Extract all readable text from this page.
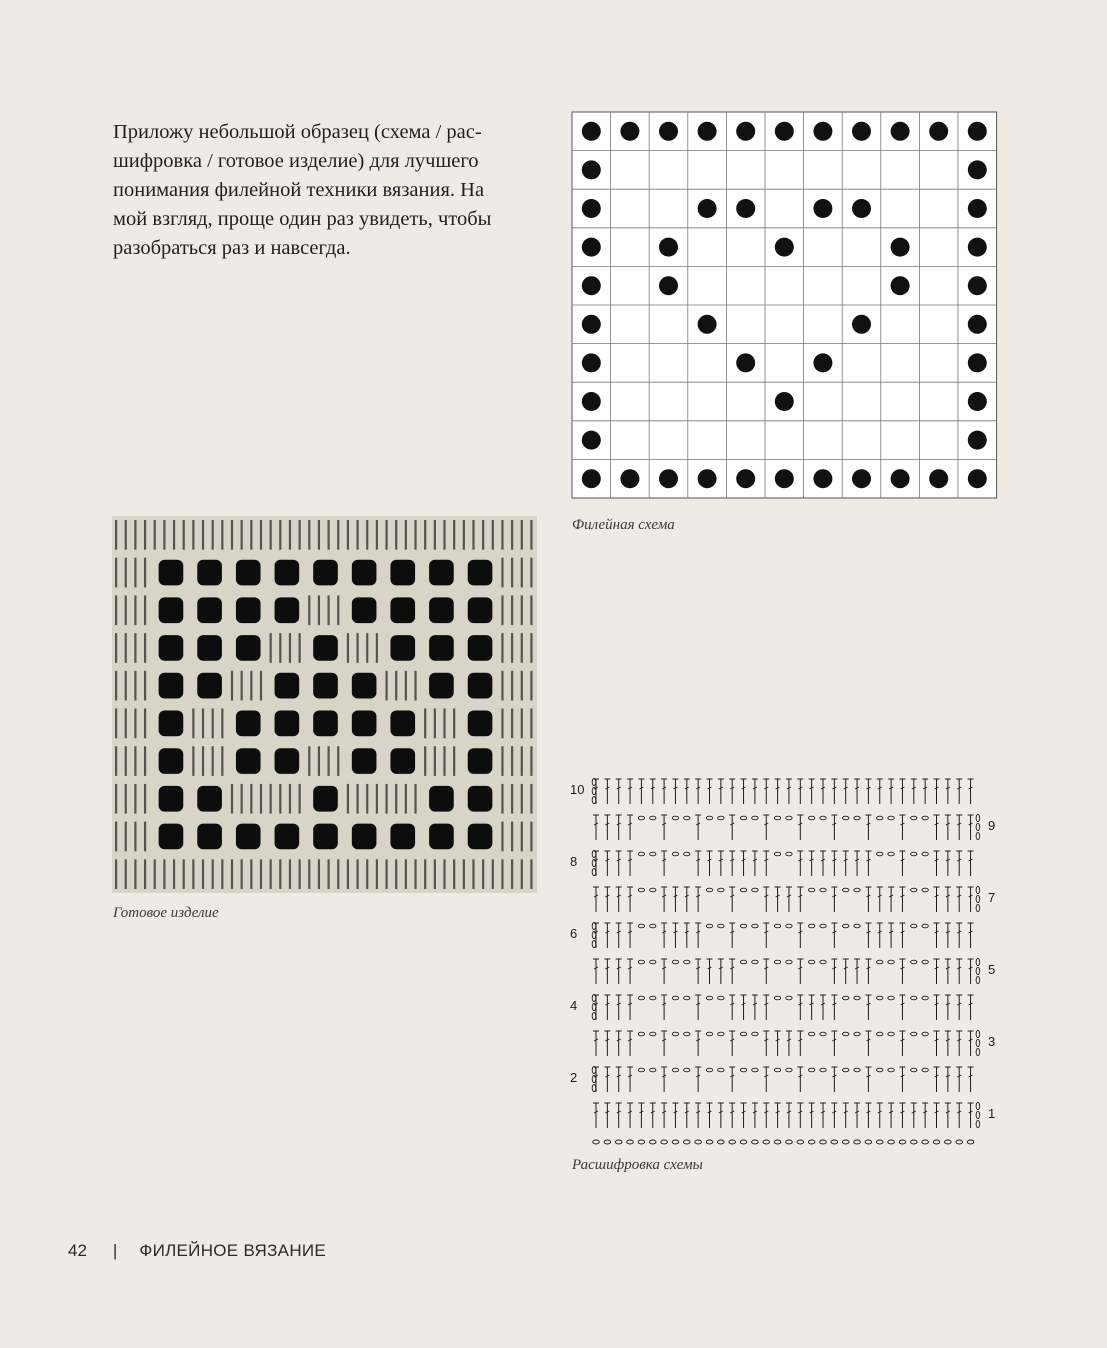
Приложу небольшой образец (схема / рас-
шифровка / готовое изделие) для лучшего
понимания филейной техники вязания. На
мой взгляд, проще один раз увидеть, чтобы
разобраться раз и навсегда.

Филейная схема

Готовое изделие

10
8
6
4
2
9
7
5
3
1

Расшифровка схемы

42 | ФИЛЕЙНОЕ ВЯЗАНИЕ
